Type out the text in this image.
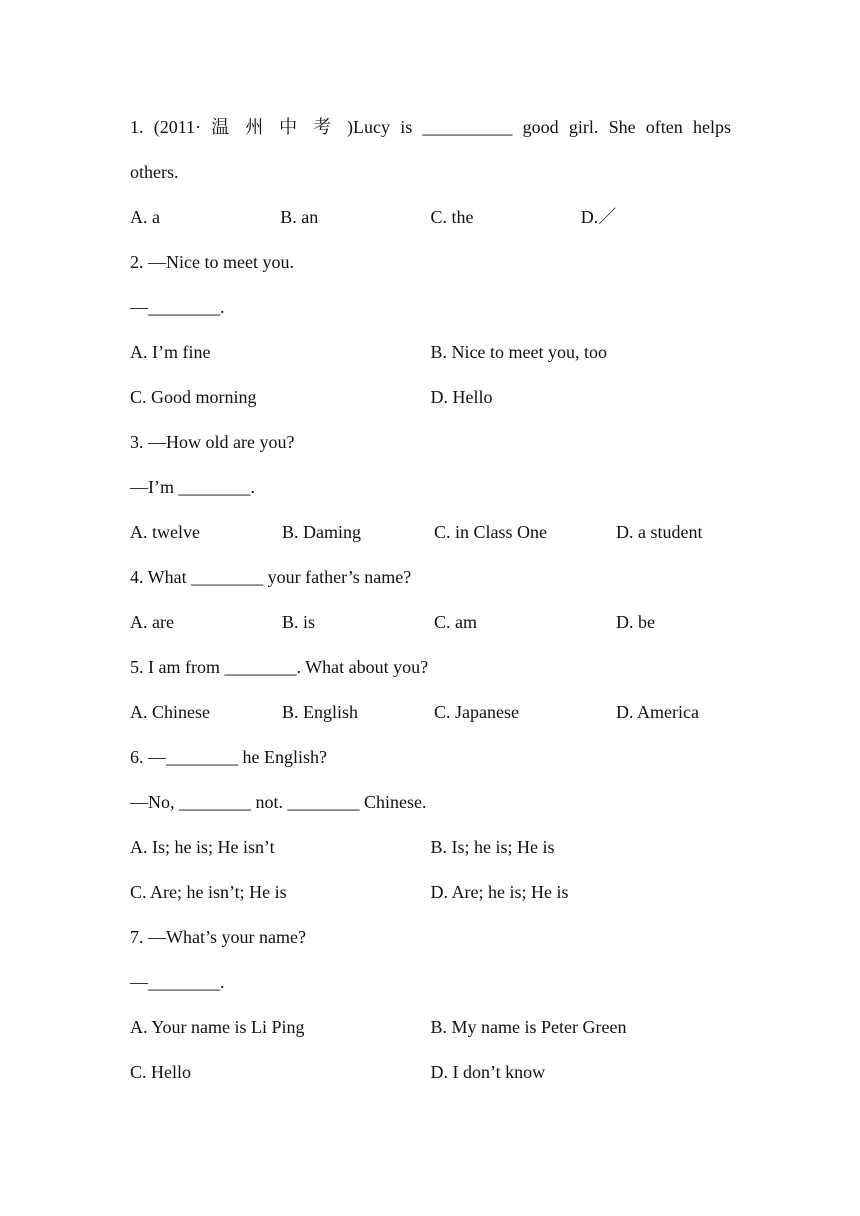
1. (2011· 温 州 中 考 )Lucy is __________ good girl. She often helps
others.
A. a	B. an	C. the	D.／
2. —Nice to meet you.
—________.
A. I’m fine	B. Nice to meet you, too
C. Good morning	D. Hello
3. —How old are you?
—I’m ________.
A. twelve	B. Daming	C. in Class One	D. a student
4. What ________ your father’s name?
A. are	B. is	C. am	D. be
5. I am from ________. What about you?
A. Chinese	B. English	C. Japanese	D. America
6. —________ he English?
—No, ________ not. ________ Chinese.
A. Is; he is; He isn’t	B. Is; he is; He is
C. Are; he isn’t; He is	D. Are; he is; He is
7. —What’s your name?
—________.
A. Your name is Li Ping	B. My name is Peter Green
C. Hello	D. I don’t know
